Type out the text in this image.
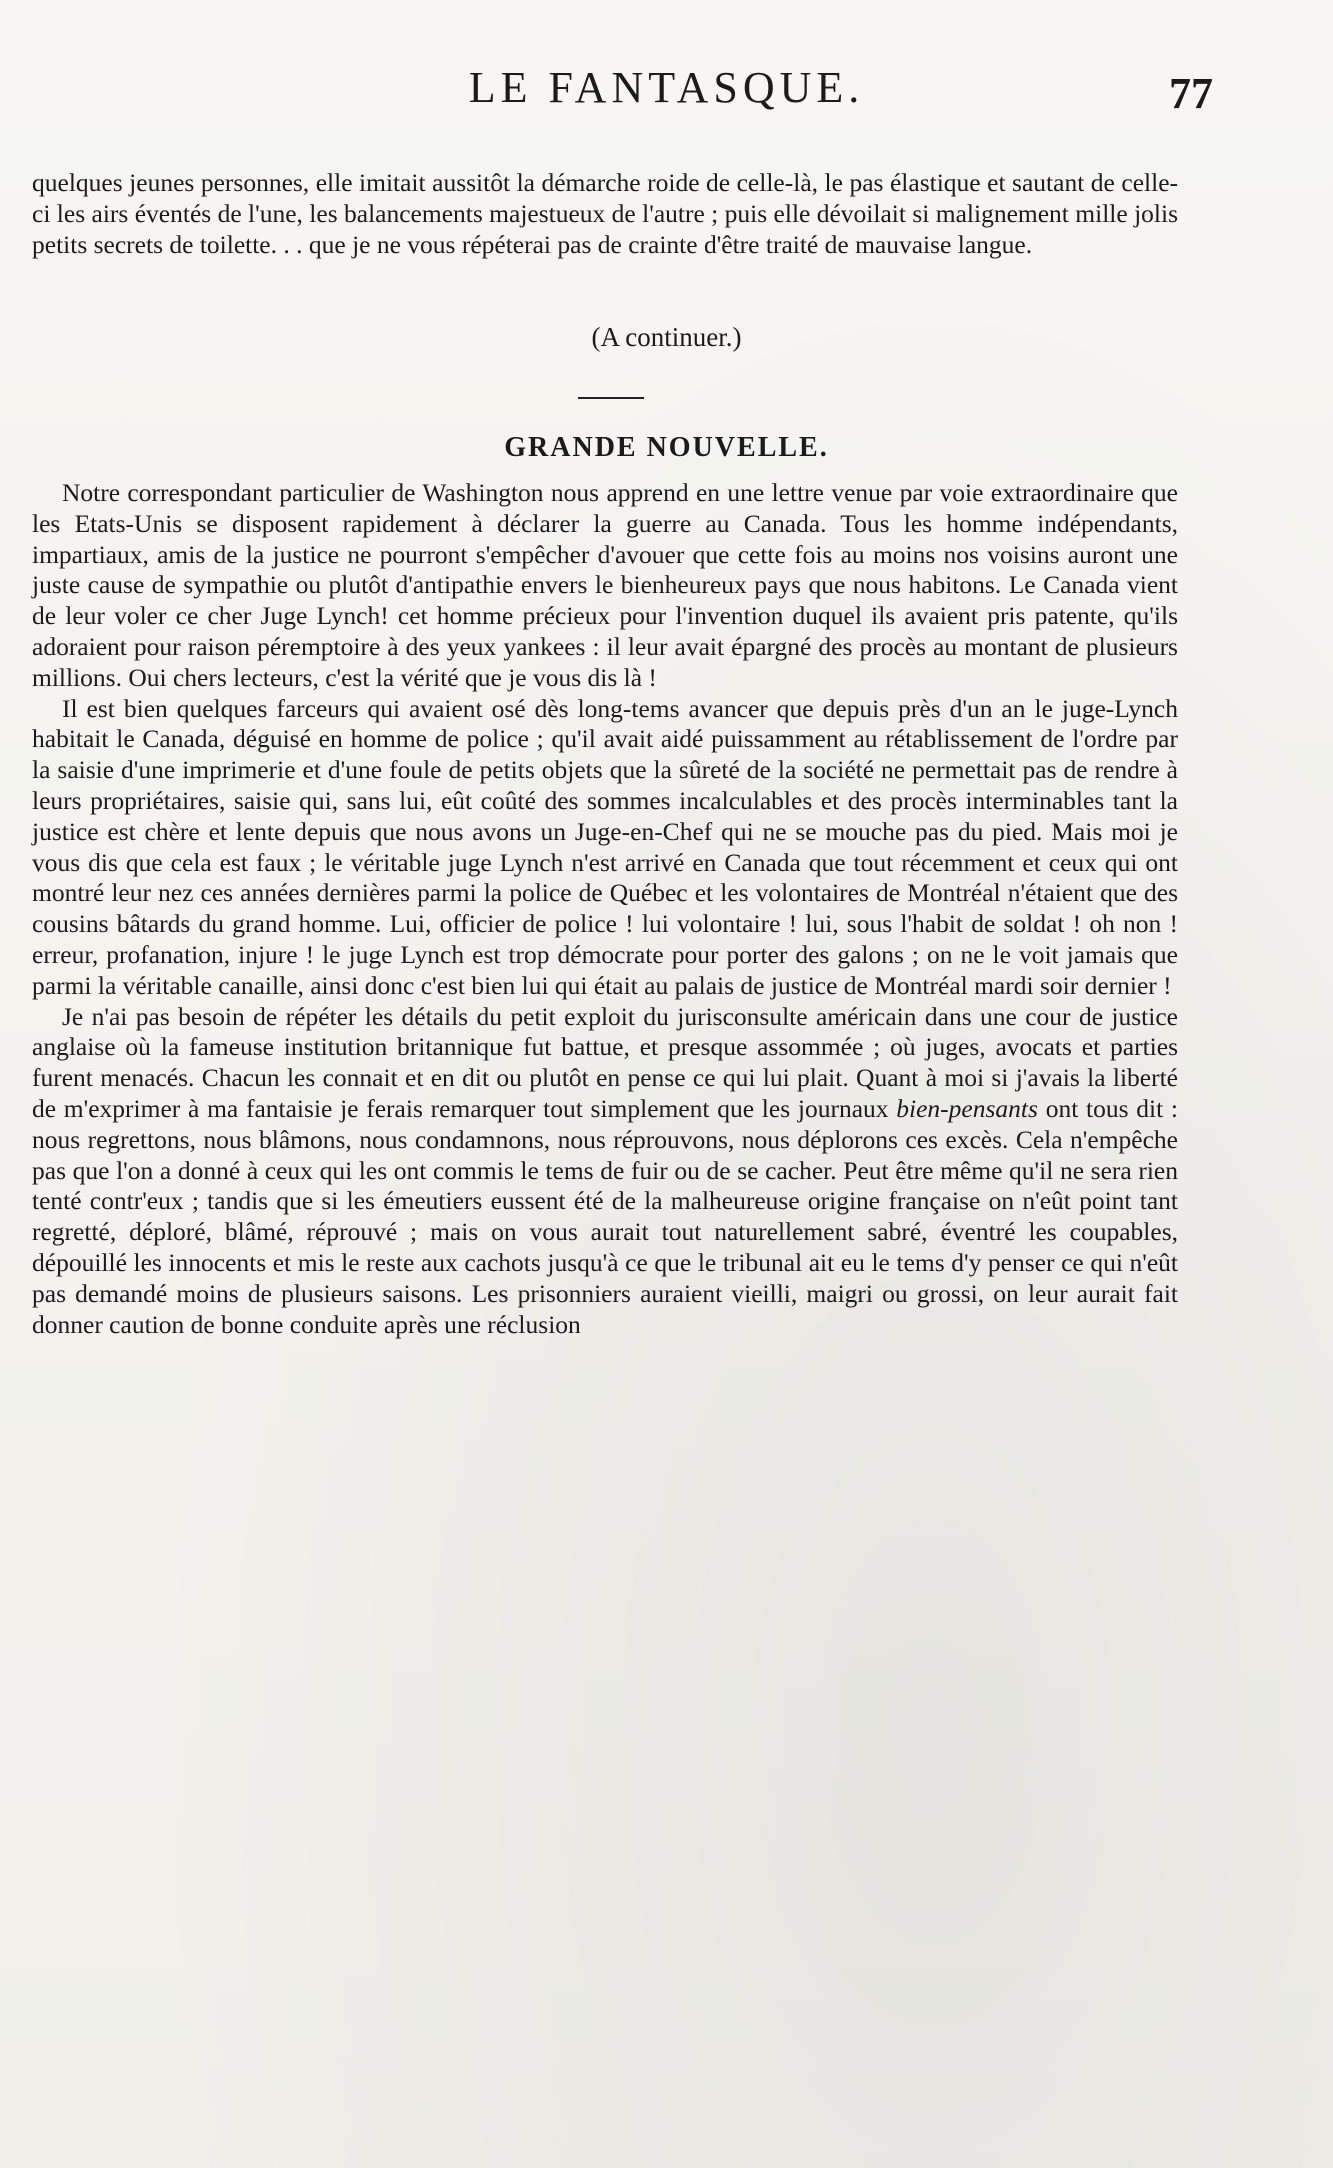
LE FANTASQUE.	77

quelques jeunes personnes, elle imitait aussitôt la démarche roide de celle-là, le pas élastique et sautant de celle-ci les airs éventés de l'une, les balancements majestueux de l'autre ; puis elle dévoilait si malignement mille jolis petits secrets de toilette. . . que je ne vous répéterai pas de crainte d'être traité de mauvaise langue.

(A continuer.)
GRANDE NOUVELLE.

Notre correspondant particulier de Washington nous apprend en une lettre venue par voie extraordinaire que les Etats-Unis se disposent rapidement à déclarer la guerre au Canada. Tous les homme indépendants, impartiaux, amis de la justice ne pourront s'empêcher d'avouer que cette fois au moins nos voisins auront une juste cause de sympathie ou plutôt d'antipathie envers le bienheureux pays que nous habitons. Le Canada vient de leur voler ce cher Juge Lynch! cet homme précieux pour l'invention duquel ils avaient pris patente, qu'ils adoraient pour raison péremptoire à des yeux yankees : il leur avait épargné des procès au montant de plusieurs millions. Oui chers lecteurs, c'est la vérité que je vous dis là !

Il est bien quelques farceurs qui avaient osé dès long-tems avancer que depuis près d'un an le juge-Lynch habitait le Canada, déguisé en homme de police ; qu'il avait aidé puissamment au rétablissement de l'ordre par la saisie d'une imprimerie et d'une foule de petits objets que la sûreté de la société ne permettait pas de rendre à leurs propriétaires, saisie qui, sans lui, eût coûté des sommes incalculables et des procès interminables tant la justice est chère et lente depuis que nous avons un Juge-en-Chef qui ne se mouche pas du pied. Mais moi je vous dis que cela est faux ; le véritable juge Lynch n'est arrivé en Canada que tout récemment et ceux qui ont montré leur nez ces années dernières parmi la police de Québec et les volontaires de Montréal n'étaient que des cousins bâtards du grand homme. Lui, officier de police ! lui volontaire ! lui, sous l'habit de soldat ! oh non ! erreur, profanation, injure ! le juge Lynch est trop démocrate pour porter des galons ; on ne le voit jamais que parmi la véritable canaille, ainsi donc c'est bien lui qui était au palais de justice de Montréal mardi soir dernier !

Je n'ai pas besoin de répéter les détails du petit exploit du jurisconsulte américain dans une cour de justice anglaise où la fameuse institution britannique fut battue, et presque assommée ; où juges, avocats et parties furent menacés. Chacun les connait et en dit ou plutôt en pense ce qui lui plait. Quant à moi si j'avais la liberté de m'exprimer à ma fantaisie je ferais remarquer tout simplement que les journaux bien-pensants ont tous dit : nous regrettons, nous blâmons, nous condamnons, nous réprouvons, nous déplorons ces excès. Cela n'empêche pas que l'on a donné à ceux qui les ont commis le tems de fuir ou de se cacher. Peut être même qu'il ne sera rien tenté contr'eux ; tandis que si les émeutiers eussent été de la malheureuse origine française on n'eût point tant regretté, déploré, blâmé, réprouvé ; mais on vous aurait tout naturellement sabré, éventré les coupables, dépouillé les innocents et mis le reste aux cachots jusqu'à ce que le tribunal ait eu le tems d'y penser ce qui n'eût pas demandé moins de plusieurs saisons. Les prisonniers auraient vieilli, maigri ou grossi, on leur aurait fait donner caution de bonne conduite après une réclusion
